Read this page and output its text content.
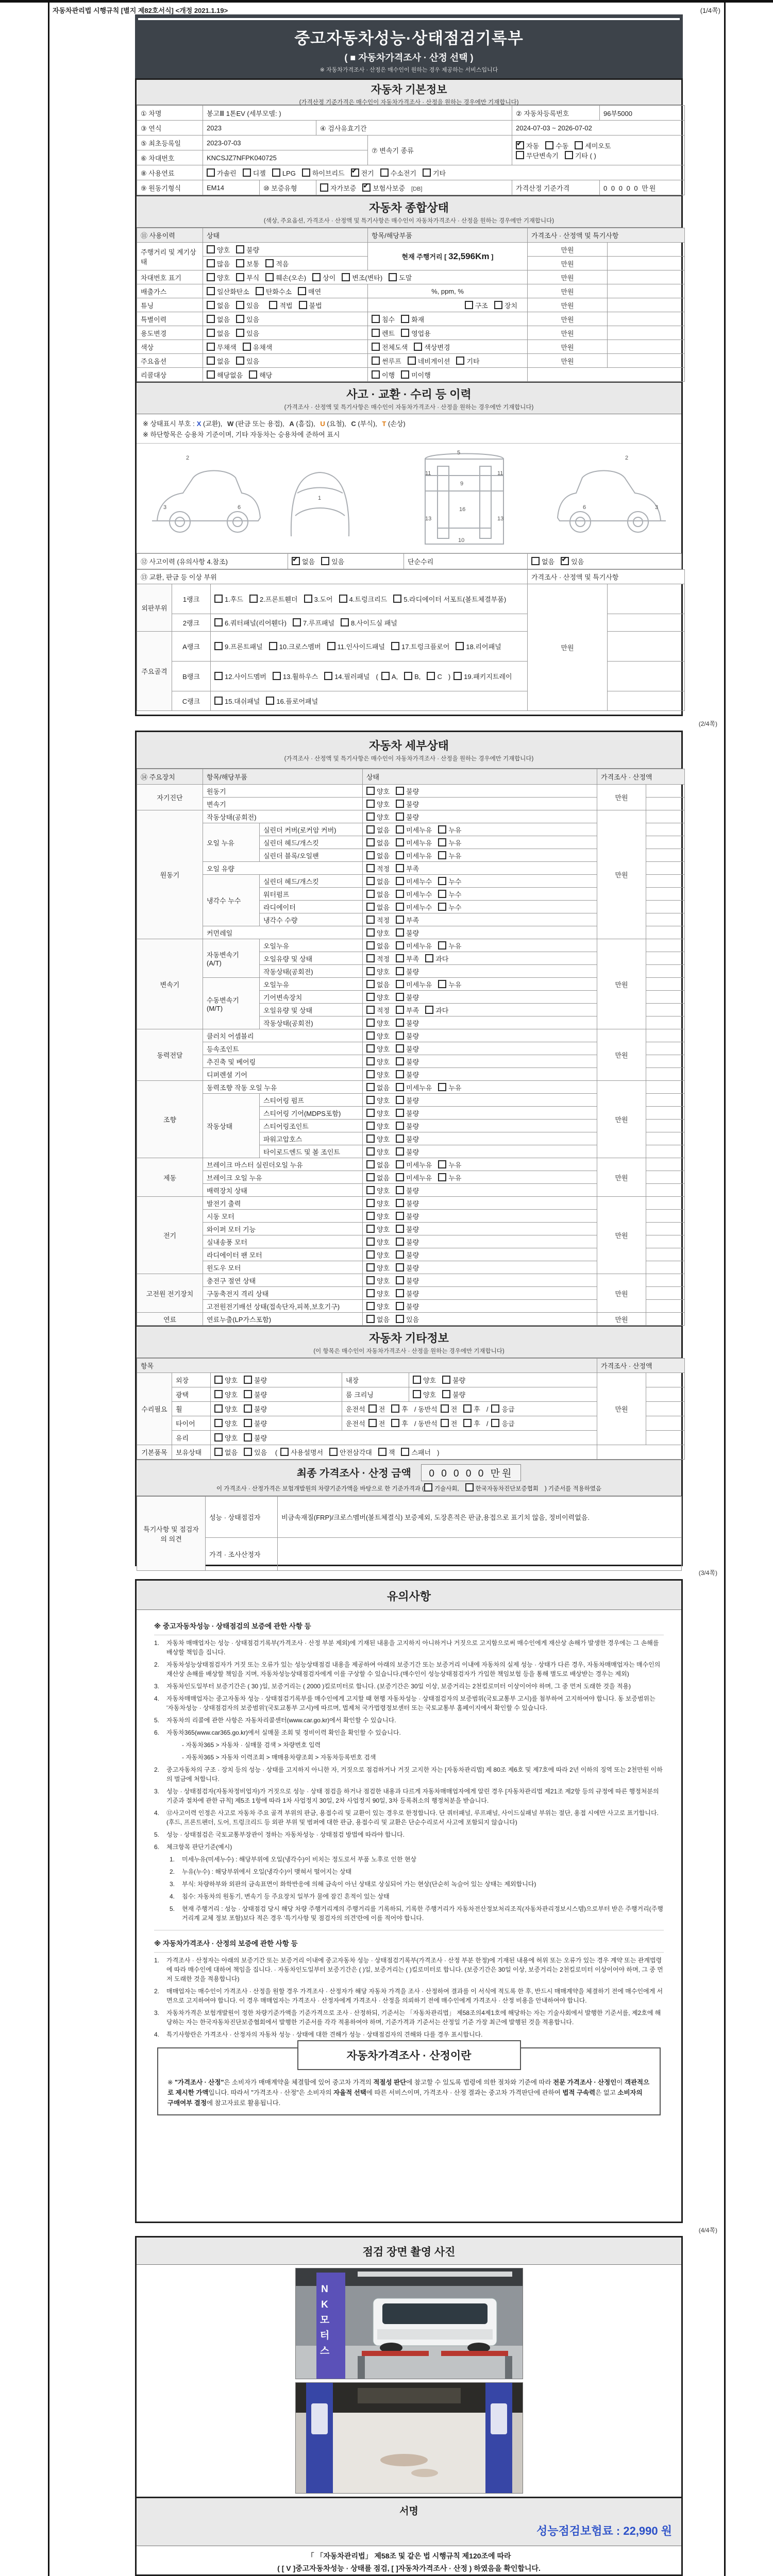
자동차관리법 시행규칙 [별지 제82호서식] <개정 2021.1.19>	(1/4쪽)
중고자동차성능·상태점검기록부
( ■ 자동차가격조사 · 산정 선택 )
※ 자동차가격조사 · 산정은 매수인이 원하는 경우 제공하는 서비스입니다
자동차 기본정보
(가격산정 기준가격은 매수인이 자동차가격조사 · 산정을 원하는 경우에만 기재합니다)
① 차명	봉고Ⅲ 1톤EV (세부모델: )				② 자동차등록번호	96부5000
③ 연식	2023		④ 검사유효기간		2024-07-03 ~ 2026-07-02	
⑤ 최초등록일	2023-07-03			⑦ 변속기 종류	
✔자동 수동 세미오토
무단변속기 기타 ( )

⑥ 차대번호	KNCSJZ7NFPK040725					
⑧ 사용연료	가솔린 디젤 LPG 하이브리드 ✔ 전기 수소전기 기타
⑨ 원동기형식	EM14	⑩ 보증유형	자가보증 ✔ 보험사보증 [DB]		가격산정 기준가격	0 0 0 0 0 만원
자동차 종합상태
(색상, 주요옵션, 가격조사 · 산정액 및 특기사항은 매수인이 자동차가격조사 · 산정을 원하는 경우에만 기재합니다)
⑪ 사용이력	상태	항목/해당부품	가격조사 · 산정액 및 특기사항	
주행거리 및 계기상태	양호 불량	현재 주행거리 [ 32,596Km ]	만원	
	많음 보통 적음		만원	
차대번호 표기	양호 부식 훼손(오손) 상이 변조(변타) 도말		만원	
배출가스	일산화탄소 탄화수소 매연	%, ppm, %	만원	
튜닝	없음 있음 적법 불법	구조 장치	만원	
특별이력	없음 있음	침수 화재	만원	
용도변경	없음 있음	렌트 영업용	만원	
색상	무채색 유채색	전체도색 색상변경	만원	
주요옵션	없음 있음	썬루프 네비게이션 기타	만원	
리콜대상	해당없음 해당	이행 미이행		
사고 · 교환 · 수리 등 이력
(가격조사 · 산정액 및 특기사항은 매수인이 자동차가격조사 · 산정을 원하는 경우에만 기재합니다)
※ 상태표시 부호 : X (교환), W (판금 또는 용접), A (흠집), U (요철), C (부식), T (손상)
※ 하단항목은 승용차 기준이며, 기타 자동차는 승용차에 준하여 표시
2
3	6
1
5
11	11
9
13	13
16
10
2
6	3
⑫ 사고이력 (유의사항 4.참조)	✔없음 있음	단순수리	없음 ✔ 있음
⑬ 교환, 판금 등 이상 부위			가격조사 · 산정액 및 특기사항	
외판부위	1랭크	1.후드 2.프론트휀더 3.도어 4.트렁크리드 5.라디에이터 서포트(볼트체결부품)	만원	
	2랭크	6.쿼터패널(리어휀다) 7.루프패널 8.사이드실 패널		
주요골격	A랭크	9.프론트패널 10.크로스멤버 11.인사이드패널 17.트렁크플로어 18.리어패널		
	B랭크	12.사이드멤버 13.휠하우스 14.필러패널 ( A, B, C ) 19.패키지트레이		
	C랭크	15.대쉬패널 16.플로어패널		
(2/4쪽)
자동차 세부상태
(가격조사 · 산정액 및 특기사항은 매수인이 자동차가격조사 · 산정을 원하는 경우에만 기재합니다)
⑭ 주요장치	항목/해당부품		상태	가격조사 · 산정액	
자기진단	원동기		양호 불량	만원	
	변속기		양호 불량		
원동기	작동상태(공회전)		양호 불량	만원	
	오일 누유	실린더 커버(로커암 커버)	없음 미세누유 누유		
		실린더 헤드/개스킷	없음 미세누유 누유		
		실린더 블록/오일팬	없음 미세누유 누유		
	오일 유량		적정 부족		
	냉각수 누수	실린더 헤드/개스킷	없음 미세누수 누수		
		워터펌프	없음 미세누수 누수		
		라디에이터	없음 미세누수 누수		
		냉각수 수량	적정 부족		
	커먼레일		양호 불량		
변속기	자동변속기 (A/T)	오일누유	없음 미세누유 누유	만원	
		오일유량 및 상태	적정 부족 과다		
		작동상태(공회전)	양호 불량		
	수동변속기 (M/T)	오일누유	없음 미세누유 누유		
		기어변속장치	양호 불량		
		오일유량 및 상태	적정 부족 과다		
		작동상태(공회전)	양호 불량		
동력전달	클러치 어셈블리		양호 불량	만원	
	등속조인트		양호 불량		
	추진축 및 베어링		양호 불량		
	디퍼렌셜 기어		양호 불량		
조향	동력조향 작동 오일 누유		없음 미세누유 누유	만원	
	작동상태	스티어링 펌프	양호 불량		
		스티어링 기어(MDPS포함)	양호 불량		
		스티어링조인트	양호 불량		
		파워고압호스	양호 불량		
		타이로드엔드 및 볼 조인트	양호 불량		
제동	브레이크 마스터 실린더오일 누유		없음 미세누유 누유	만원	
	브레이크 오일 누유		없음 미세누유 누유		
	배력장치 상태		양호 불량		
전기	발전기 출력		양호 불량	만원	
	시동 모터		양호 불량		
	와이퍼 모터 기능		양호 불량		
	실내송풍 모터		양호 불량		
	라디에이터 팬 모터		양호 불량		
	윈도우 모터		양호 불량		
고전원 전기장치	충전구 절연 상태		양호 불량	만원	
	구동축전지 격리 상태		양호 불량		
	고전원전기배선 상태(접속단자,피복,보호기구)		양호 불량		
연료	연료누출(LP가스포함)		없음 있음	만원	
자동차 기타정보
(이 항목은 매수인이 자동차가격조사 · 산정을 원하는 경우에만 기재합니다)
항목					가격조사 · 산정액	
수리필요	외장	양호 불량	내장	양호 불량	만원	
	광택	양호 불량	룸 크리닝	양호 불량		
	휠	양호 불량	운전석 전 후 / 동반석 전 후 / 응급			
	타이어	양호 불량	운전석 전 후 / 동반석 전 후 / 응급			
	유리	양호 불량				
기본품목	보유상태	없음 있음 ( 사용설명서 안전삼각대 잭 스패너 )				
최종 가격조사 · 산정 금액 0 0 0 0 0 만원
이 가격조사 · 산정가격은 보험개발원의 차량기준가액을 바탕으로 한 기준가격과 ( 기술사회,	한국자동차진단보증협회 ) 기준서를 적용하였음
특기사항 및 점검자의 의견	성능 · 상태점검자	비금속재질(FRP)/크로스멤버(볼트체결식) 보증제외, 도장흔적은 판금,용접으로 표기치 않음, 정비이력없음.
	가격 · 조사산정자	
(3/4쪽)
유의사항
※ 중고자동차성능 · 상태점검의 보증에 관한 사항 등
1.	자동차 매매업자는 성능 · 상태점검기록부(가격조사 · 산정 부분 제외)에 기재된 내용을 고지하지 아니하거나 거짓으로 고지함으로써 매수인에게 재산상 손해가 발생한 경우에는 그 손해를 배상할 책임을 집니다.
2.	자동차성능상태점검자가 거짓 또는 오류가 있는 성능상태점검 내용을 제공하여 아래의 보증기간 또는 보증거리 이내에 자동차의 실제 성능 · 상태가 다른 경우, 자동차매매업자는 매수인의 재산상 손해를 배상할 책임을 지며, 자동차성능상태점검자에게 이를 구상할 수 있습니다.(매수인이 성능상태점검자가 가입한 책임보험 등을 통해 별도로 배상받는 경우는 제외)
3.	자동차인도일부터 보증기간은 ( 30 )일, 보증거리는 ( 2000 )킬로미터로 합니다. (보증기간은 30일 이상, 보증거리는 2천킬로미터 이상이어야 하며, 그 중 먼저 도래한 것을 적용)
4.	자동차매매업자는 중고자동차 성능 · 상태점검기록부를 매수인에게 고지할 때 현행 자동차성능 · 상태점검자의 보증범위(국토교통부 고시)를 첨부하여 고지하여야 합니다. 동 보증범위는 '자동차성능 · 상태점검자의 보증범위'(국토교통부 고시)에 따르며, 법제처 국가법령정보센터 또는 국토교통부 홈페이지에서 확인할 수 있습니다.
5.	자동차의 리콜에 관한 사항은 자동차리콜센터(www.car.go.kr)에서 확인할 수 있습니다.
6.	자동차365(www.car365.go.kr)에서 실매물 조회 및 정비이력 확인을 확인할 수 있습니다.
- 자동차365 > 자동차 · 실매물 검색 > 차량번호 입력
- 자동차365 > 자동차 이력조회 > 매매용차량조회 > 자동차등록번호 검색
2.	중고자동차의 구조 · 장치 등의 성능 · 상태를 고지하지 아니한 자, 거짓으로 점검하거나 거짓 고지한 자는 [자동차관리법] 제 80조 제6호 및 제7호에 따라 2년 이하의 징역 또는 2천만원 이하의 벌금에 처합니다.
3.	성능 · 상태점검자(자동차정비업자)가 거짓으로 성능 · 상태 점검을 하거나 점검한 내용과 다르게 자동차매매업자에게 알린 경우 [자동차관리법 제21조 제2항 등의 규정에 따른 행정처분의 기준과 절차에 관한 규칙] 제5조 1항에 따라 1차 사업정지 30일, 2차 사업정지 90일, 3차 등록취소의 행정처분을 받습니다.
4.	⑫사고이력 인정은 사고로 자동차 주요 골격 부위의 판금, 용접수리 및 교환이 있는 경우로 한정합니다. 단 쿼터패널, 루프패널, 사이드실패널 부위는 절단, 용접 시에만 사고로 표기합니다. (후드, 프론트펜더, 도어, 트렁크리드 등 외판 부위 및 범퍼에 대한 판금, 용접수리 및 교환은 단순수리로서 사고에 포함되지 않습니다)
5.	성능 · 상태점검은 국토교통부장관이 정하는 자동차성능 · 상태점검 방법에 따라야 합니다.
6.	체크항목 판단기준(예시)
1.	미세누유(미세누수) : 해당부위에 오일(냉각수)이 비치는 정도로서 부품 노후로 인한 현상
2.	누유(누수) : 해당부위에서 오일(냉각수)이 맺혀서 떨어지는 상태
3.	부식: 차량하부와 외판의 금속표면이 화학반응에 의해 금속이 아닌 상태로 상실되어 가는 현상(단순히 녹슬어 있는 상태는 제외합니다)
4.	침수: 자동차의 원동기, 변속기 등 주요장치 일부가 물에 잠긴 흔적이 있는 상태
5.	현재 주행거리 : 성능 · 상태점검 당시 해당 차량 주행거리계의 주행거리를 기록하되, 기록한 주행거리가 자동차전산정보처리조직(자동차관리정보시스템)으로부터 받은 주행거리(주행거리계 교체 정보 포함)보다 적은 경우 '특기사항 및 점검자의 의견'란에 이를 적어야 합니다.
※ 자동차가격조사 · 산정의 보증에 관한 사항 등
1.	가격조사 · 산정자는 아래의 보증기간 또는 보증거리 이내에 중고자동차 성능 · 상태점검기록부(가격조사 · 산정 부분 한정)에 기재된 내용에 허위 또는 오류가 있는 경우 계약 또는 관계법령에 따라 매수인에 대하여 책임을 집니다. · 자동차인도일부터 보증기간은 ( )일, 보증거리는 ( )킬로미터로 합니다. (보증기간은 30일 이상, 보증거리는 2천킬로미터 이상이어야 하며, 그 중 먼저 도래한 것을 적용합니다)
2.	매매업자는 매수인이 가격조사 · 산정을 원할 경우 가격조사 · 산정자가 해당 자동차 가격을 조사 · 산정하여 결과를 이 서식에 적도록 한 후, 반드시 매매계약을 체결하기 전에 매수인에게 서면으로 고지하여야 합니다. 이 경우 매매업자는 가격조사 · 산정자에게 가격조사 · 산정을 의뢰하기 전에 매수인에게 가격조사 · 산정 비용을 안내하여야 합니다.
3.	자동차가격은 보험개발원이 정한 차량기준가액을 기준가격으로 조사 · 산정하되, 기준서는 「자동차관리법」 제58조의4제1호에 해당하는 자는 기술사회에서 발행한 기준서를, 제2호에 해당하는 자는 한국자동차진단보증협회에서 발행한 기준서를 각각 적용하여야 하며, 기준가격과 기준서는 산정일 기준 가장 최근에 발행된 것을 적용합니다.
4.	특기사항란은 가격조사 · 산정자의 자동차 성능 · 상태에 대한 견해가 성능 · 상태점검자의 견해와 다를 경우 표시합니다.
자동차가격조사 · 산정이란
※ "가격조사 · 산정"은 소비자가 매매계약을 체결함에 있어 중고차 가격의 적절성 판단에 참고할 수 있도록 법령에 의한 절차와 기준에 따라 전문 가격조사 · 산정인이 객관적으로 제시한 가액입니다. 따라서 "가격조사 · 산정"은 소비자의 자율적 선택에 따른 서비스이며, 가격조사 · 산정 결과는 중고차 가격판단에 관하여 법적 구속력은 없고 소비자의 구매여부 결정에 참고자료로 활용됩니다.
(4/4쪽)
점검 장면 촬영 사진
N
K
모
터
스
서명
성능점검보험료 : 22,990 원
「 「자동차관리법」 제58조 및 같은 법 시행규칙 제120조에 따라
( [ V ]중고자동차성능 · 상태를 점검, [ ]자동차가격조사 · 산정 ) 하였음을 확인합니다.
